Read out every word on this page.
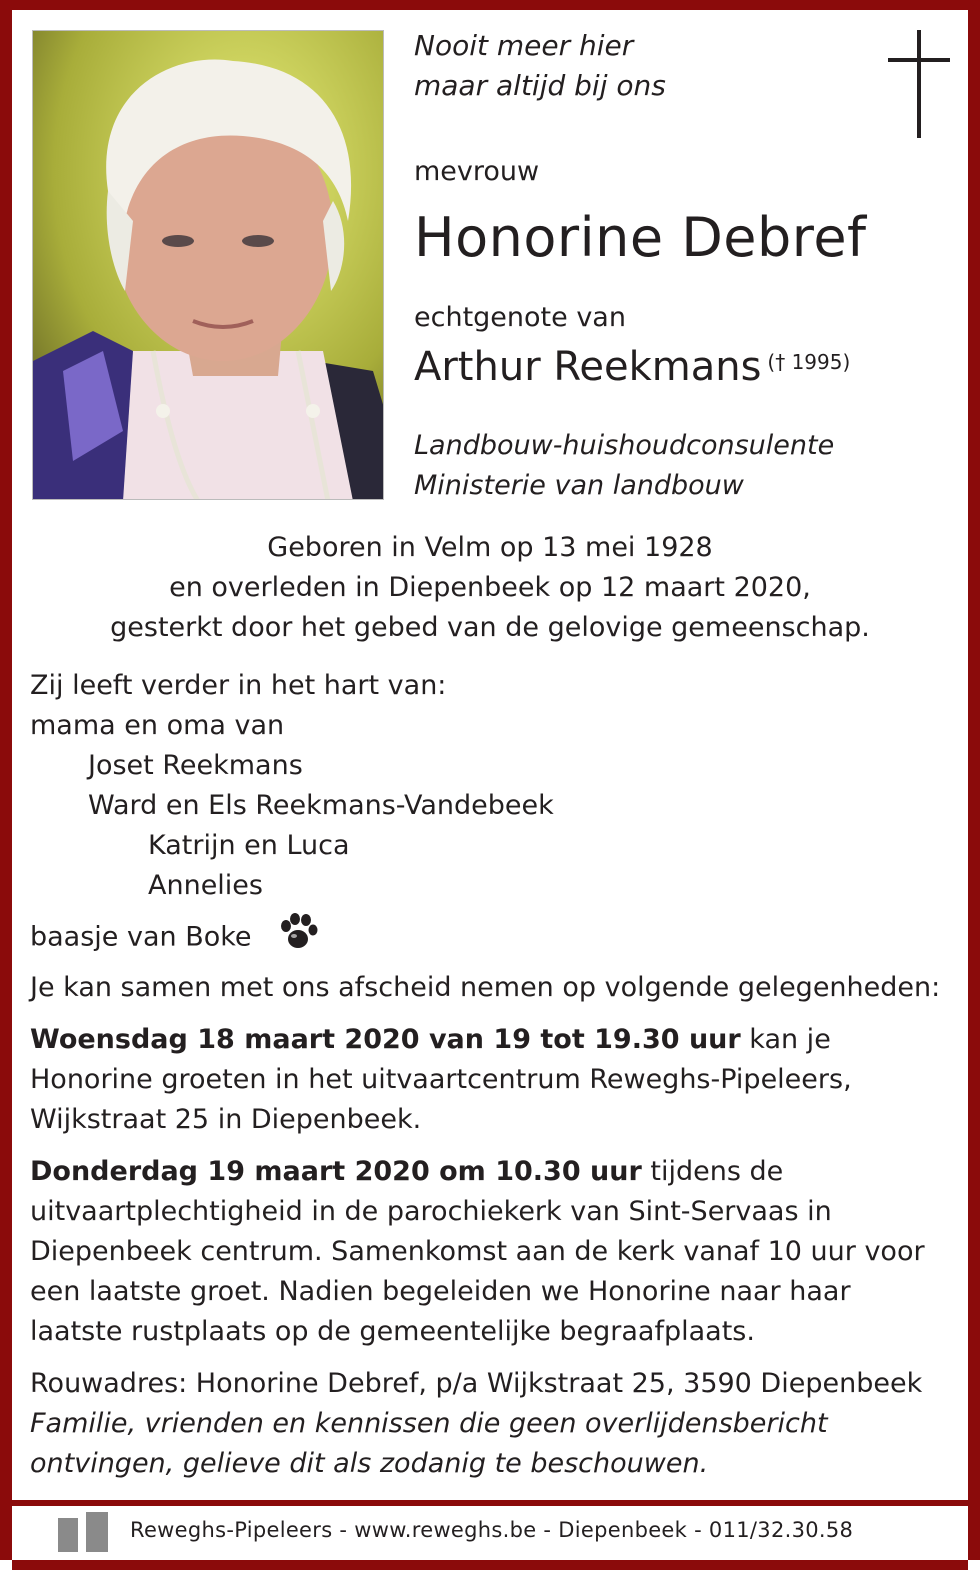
Nooit meer hier
maar altijd bij ons
mevrouw
Honorine Debref
echtgenote van
Arthur Reekmans $^{(\dagger 1995)}$
Landbouw-huishoudconsulente
Ministerie van landbouw
Geboren in Velm op 13 mei 1928
en overleden in Diepenbeek op 12 maart 2020,
gesterkt door het gebed van de gelovige gemeenschap.
Zij leeft verder in het hart van:
mama en oma van
Joset Reekmans
Ward en Els Reekmans-Vandebeek
Katrijn en Luca
Annelies
baasje van Boke

Je kan samen met ons afscheid nemen op volgende gelegenheden:

Woensdag 18 maart 2020 van 19 tot 19.30 uur kan je Honorine groeten in het uitvaartcentrum Reweghs-Pipeleers, Wijkstraat 25 in Diepenbeek.

Donderdag 19 maart 2020 om 10.30 uur tijdens de uitvaartplechtigheid in de parochiekerk van Sint-Servaas in Diepenbeek centrum. Samenkomst aan de kerk vanaf 10 uur voor een laatste groet. Nadien begeleiden we Honorine naar haar laatste rustplaats op de gemeentelijke begraafplaats.

Rouwadres: Honorine Debref, p/a Wijkstraat 25, 3590 Diepenbeek

Familie, vrienden en kennissen die geen overlijdensbericht ontvingen, gelieve dit als zodanig te beschouwen.

Reweghs-Pipeleers - www.reweghs.be - Diepenbeek - 011/32.30.58
